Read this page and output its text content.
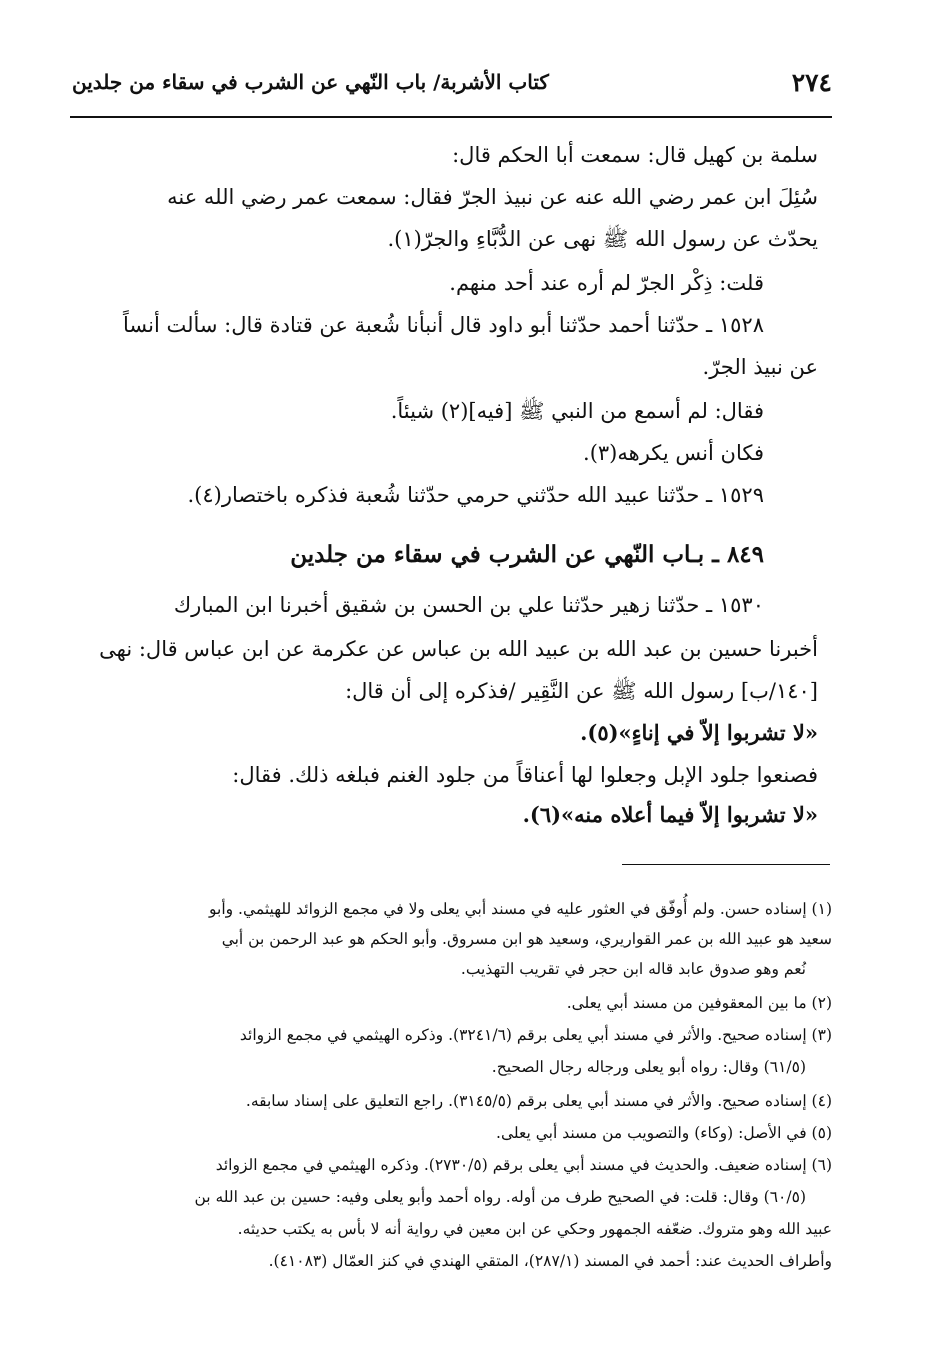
٢٧٤
كتاب الأشربة/ باب النّهي عن الشرب في سقاء من جلدين
سلمة بن كهيل قال: سمعت أبا الحكم قال:
سُئِلَ ابن عمر رضي الله عنه عن نبيذ الجرّ فقال: سمعت عمر رضي الله عنه
يحدّث عن رسول الله ﷺ نهى عن الدُّبَّاءِ والجرّ(١).
قلت: ذِكْر الجرّ لم أره عند أحد منهم.
١٥٢٨ ـ حدّثنا أحمد حدّثنا أبو داود قال أنبأنا شُعبة عن قتادة قال: سألت أنساً
عن نبيذ الجرّ.
فقال: لم أسمع من النبي ﷺ [فيه](٢) شيئاً.
فكان أنس يكرهه(٣).
١٥٢٩ ـ حدّثنا عبيد الله حدّثني حرمي حدّثنا شُعبة فذكره باختصار(٤).
٨٤٩ ـ بـاب النّهي عن الشرب في سقاء من جلدين
١٥٣٠ ـ حدّثنا زهير حدّثنا علي بن الحسن بن شقيق أخبرنا ابن المبارك
أخبرنا حسين بن عبد الله بن عبيد الله بن عباس عن عكرمة عن ابن عباس قال: نهى
[١٤٠/ب] رسول الله ﷺ عن النَّقِير /فذكره إلى أن قال:
«لا تشربوا إلاّ في إناءٍ»(٥).
فصنعوا جلود الإبل وجعلوا لها أعناقاً من جلود الغنم فبلغه ذلك. فقال:
«لا تشربوا إلاّ فيما أعلاه منه»(٦).
(١) إسناده حسن. ولم أُوفّق في العثور عليه في مسند أبي يعلى ولا في مجمع الزوائد للهيثمي. وأبو
سعيد هو عبيد الله بن عمر القواريري، وسعيد هو ابن مسروق. وأبو الحكم هو عبد الرحمن بن أبي
نُعم وهو صدوق عابد قاله ابن حجر في تقريب التهذيب.
(٢) ما بين المعقوفين من مسند أبي يعلى.
(٣) إسناده صحيح. والأثر في مسند أبي يعلى برقم (٣٢٤١/٦). وذكره الهيثمي في مجمع الزوائد
(٦١/٥) وقال: رواه أبو يعلى ورجاله رجال الصحيح.
(٤) إسناده صحيح. والأثر في مسند أبي يعلى برقم (٣١٤٥/٥). راجع التعليق على إسناد سابقه.
(٥) في الأصل: (وكاء) والتصويب من مسند أبي يعلى.
(٦) إسناده ضعيف. والحديث في مسند أبي يعلى برقم (٢٧٣٠/٥). وذكره الهيثمي في مجمع الزوائد
(٦٠/٥) وقال: قلت: في الصحيح طرف من أوله. رواه أحمد وأبو يعلى وفيه: حسين بن عبد الله بن
عبيد الله وهو متروك. ضعّفه الجمهور وحكي عن ابن معين في رواية أنه لا بأس به يكتب حديثه.
وأطراف الحديث عند: أحمد في المسند (٢٨٧/١)، المتقي الهندي في كنز العمّال (٤١٠٨٣).
